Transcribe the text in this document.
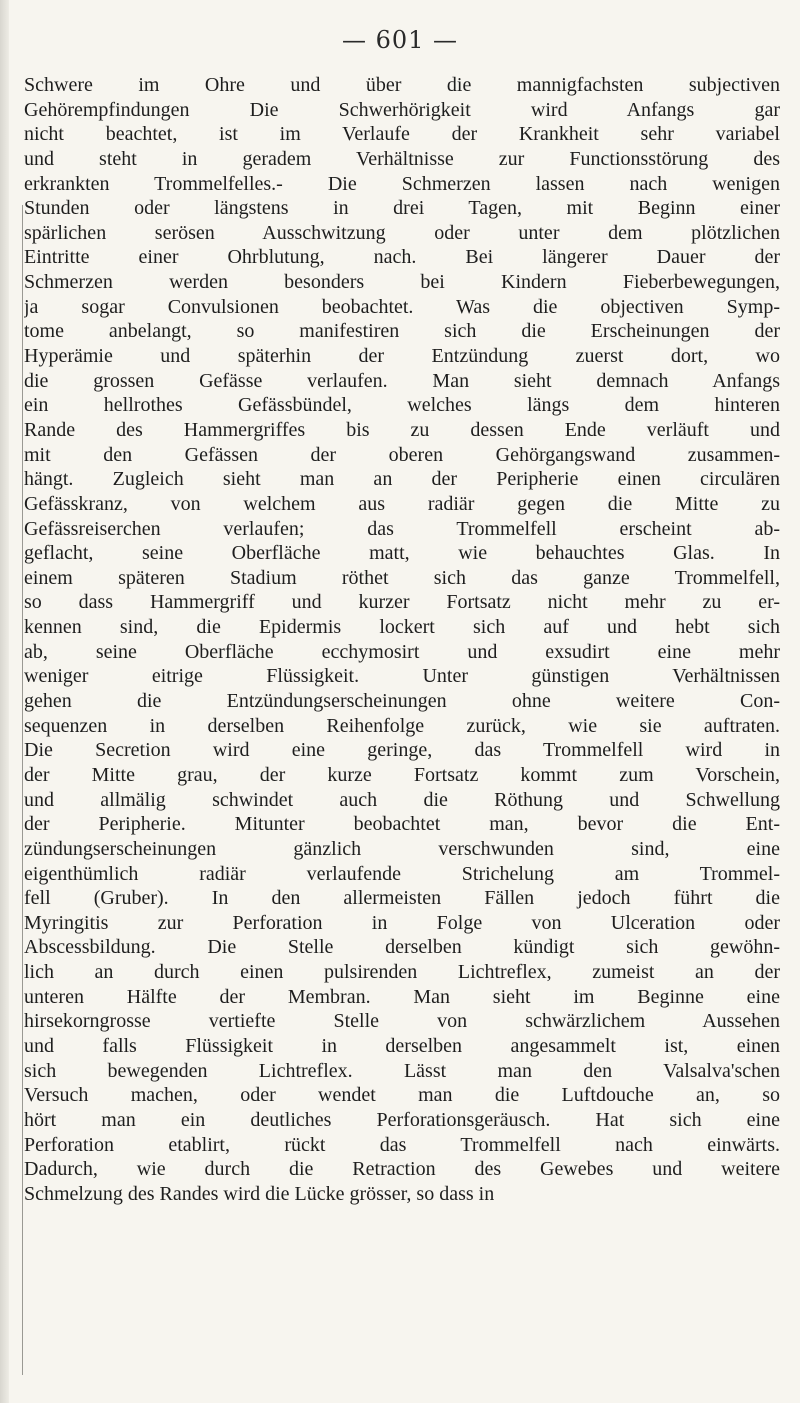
— 601 —
Schwere im Ohre und über die mannigfachsten subjectiven
Gehörempfindungen Die Schwerhörigkeit wird Anfangs gar
nicht beachtet, ist im Verlaufe der Krankheit sehr variabel
und steht in geradem Verhältnisse zur Functionsstörung des
erkrankten Trommelfelles.- Die Schmerzen lassen nach wenigen
Stunden oder längstens in drei Tagen, mit Beginn einer
spärlichen serösen Ausschwitzung oder unter dem plötzlichen
Eintritte einer Ohrblutung, nach. Bei längerer Dauer der
Schmerzen werden besonders bei Kindern Fieberbewegungen,
ja sogar Convulsionen beobachtet. Was die objectiven Symp-
tome anbelangt, so manifestiren sich die Erscheinungen der
Hyperämie und späterhin der Entzündung zuerst dort, wo
die grossen Gefässe verlaufen. Man sieht demnach Anfangs
ein hellrothes Gefässbündel, welches längs dem hinteren
Rande des Hammergriffes bis zu dessen Ende verläuft und
mit den Gefässen der oberen Gehörgangswand zusammen-
hängt. Zugleich sieht man an der Peripherie einen circulären
Gefässkranz, von welchem aus radiär gegen die Mitte zu
Gefässreiserchen verlaufen; das Trommelfell erscheint ab-
geflacht, seine Oberfläche matt, wie behauchtes Glas. In
einem späteren Stadium röthet sich das ganze Trommelfell,
so dass Hammergriff und kurzer Fortsatz nicht mehr zu er-
kennen sind, die Epidermis lockert sich auf und hebt sich
ab, seine Oberfläche ecchymosirt und exsudirt eine mehr
weniger eitrige Flüssigkeit. Unter günstigen Verhältnissen
gehen die Entzündungserscheinungen ohne weitere Con-
sequenzen in derselben Reihenfolge zurück, wie sie auftraten.
Die Secretion wird eine geringe, das Trommelfell wird in
der Mitte grau, der kurze Fortsatz kommt zum Vorschein,
und allmälig schwindet auch die Röthung und Schwellung
der Peripherie. Mitunter beobachtet man, bevor die Ent-
zündungserscheinungen gänzlich verschwunden sind, eine
eigenthümlich radiär verlaufende Strichelung am Trommel-
fell (Gruber). In den allermeisten Fällen jedoch führt die
Myringitis zur Perforation in Folge von Ulceration oder
Abscessbildung. Die Stelle derselben kündigt sich gewöhn-
lich an durch einen pulsirenden Lichtreflex, zumeist an der
unteren Hälfte der Membran. Man sieht im Beginne eine
hirsekorngrosse vertiefte Stelle von schwärzlichem Aussehen
und falls Flüssigkeit in derselben angesammelt ist, einen
sich bewegenden Lichtreflex. Lässt man den Valsalva'schen
Versuch machen, oder wendet man die Luftdouche an, so
hört man ein deutliches Perforationsgeräusch. Hat sich eine
Perforation etablirt, rückt das Trommelfell nach einwärts.
Dadurch, wie durch die Retraction des Gewebes und weitere
Schmelzung des Randes wird die Lücke grösser, so dass in
